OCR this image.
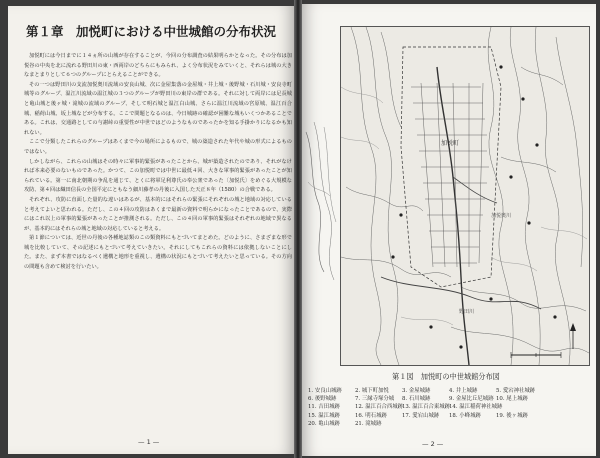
第１章　加悦町における中世城館の分布状況

加悦町には今日までに１４ヵ所の山城が存在することが、今回の分布調査の結果明らかとなった。その分布は加悦谷の中央を北に流れる野田川の東・西両岸のどちらにもみられ、よく分布状況をみていくと、それらは城の大きなまとまりとして６つのグループにとらえることができる。

その一つは野田川の支流加悦奥川流域の安良山城、次に金屋集落の金屋城・井上城・後野城・石川城・安良寺町城等のグループ、温江川流域の温江城の３つのグループが野田川の東岸の群である。それに対して両岸には足長城と亀山城と後ヶ城・滝城の流域のグループ、そして明石城と温江白山城、さらに温江川流域の宮原城、温江百合城、稲荷山城、坂上城などが分布する。ここで問題となるのは、今日城跡の確認が困難な城もいくつかあることである。これは、交通路としての与謝峠の重要性が中世ではどのようなものであったかを知る手掛かりになるかも知れない。

ここで分類したこれらのグループはあくまで今の場所によるもので、城の築造された年代や城の形式によるものではない。

しかしながら、これらの山城はその時々に軍事的緊張があったことから、城が築造されたのであり、それがなければ本来必要のないものであった。かつて、この加悦町では中世に最低４回、大きな軍事的緊張があったことが知られている。第一に南北朝期の争乱を通じて、とくに将軍足利尊氏の奉公衆であった〔加悦氏〕をめぐる大規模な攻防、第４回は織田信長の全国平定にともなう細川藤孝の丹後に入国した天正８年（1580）の合戦である。

それぞれ、攻防に直面した量的な違いはあるが、基本的にはそれらの緊張にそれぞれの城と地域の対応していると考えてよいと思われる。ただし、この４回の攻防はあくまで最新の資料で明らかになったことであるので、実際にはこれ以上の軍事的緊張があったことが推測される。ただし、この４回の軍事的緊張はそれぞれの地域で異なるが、基本的にはそれらの城と地域の対応していると考える。

第１節については、近世の丹後の各種地誌類のこの類資料にもとづいてまとめた。どのように、さまざまな形で城を比較していて、その記述にもとづいて考えていきたい。それにしてもこれらの資料には依拠しないことにした。また、まず本書ではなるべく遺構と地形を重視し、遺構の状況にもとづいて考えたいと思っている。その方向の問題も含めて検討を行いたい。

— 1 —
加悦町
野田川
加悦奥川
第１図　加悦町の中世城館分布図
1. 安良山城跡	2. 城下町加悦	3. 金屋城跡	4. 井上城跡	5. 愛宕神社城跡
6. 後野城跡	7. 三縁寺塚分城	8. 石川城跡	9. 金屋比丘尼城跡 10. 尾上城跡
11. 吉田城跡	12. 温江百合西城跡
13. 温江百合東城跡
14. 温江稲荷神社城跡
15. 温江城跡	16. 明石城跡	17. 愛宕山城跡	18. 小峰城跡	19. 後ヶ城跡
20. 亀山城跡	21. 滝城跡
— 2 —
